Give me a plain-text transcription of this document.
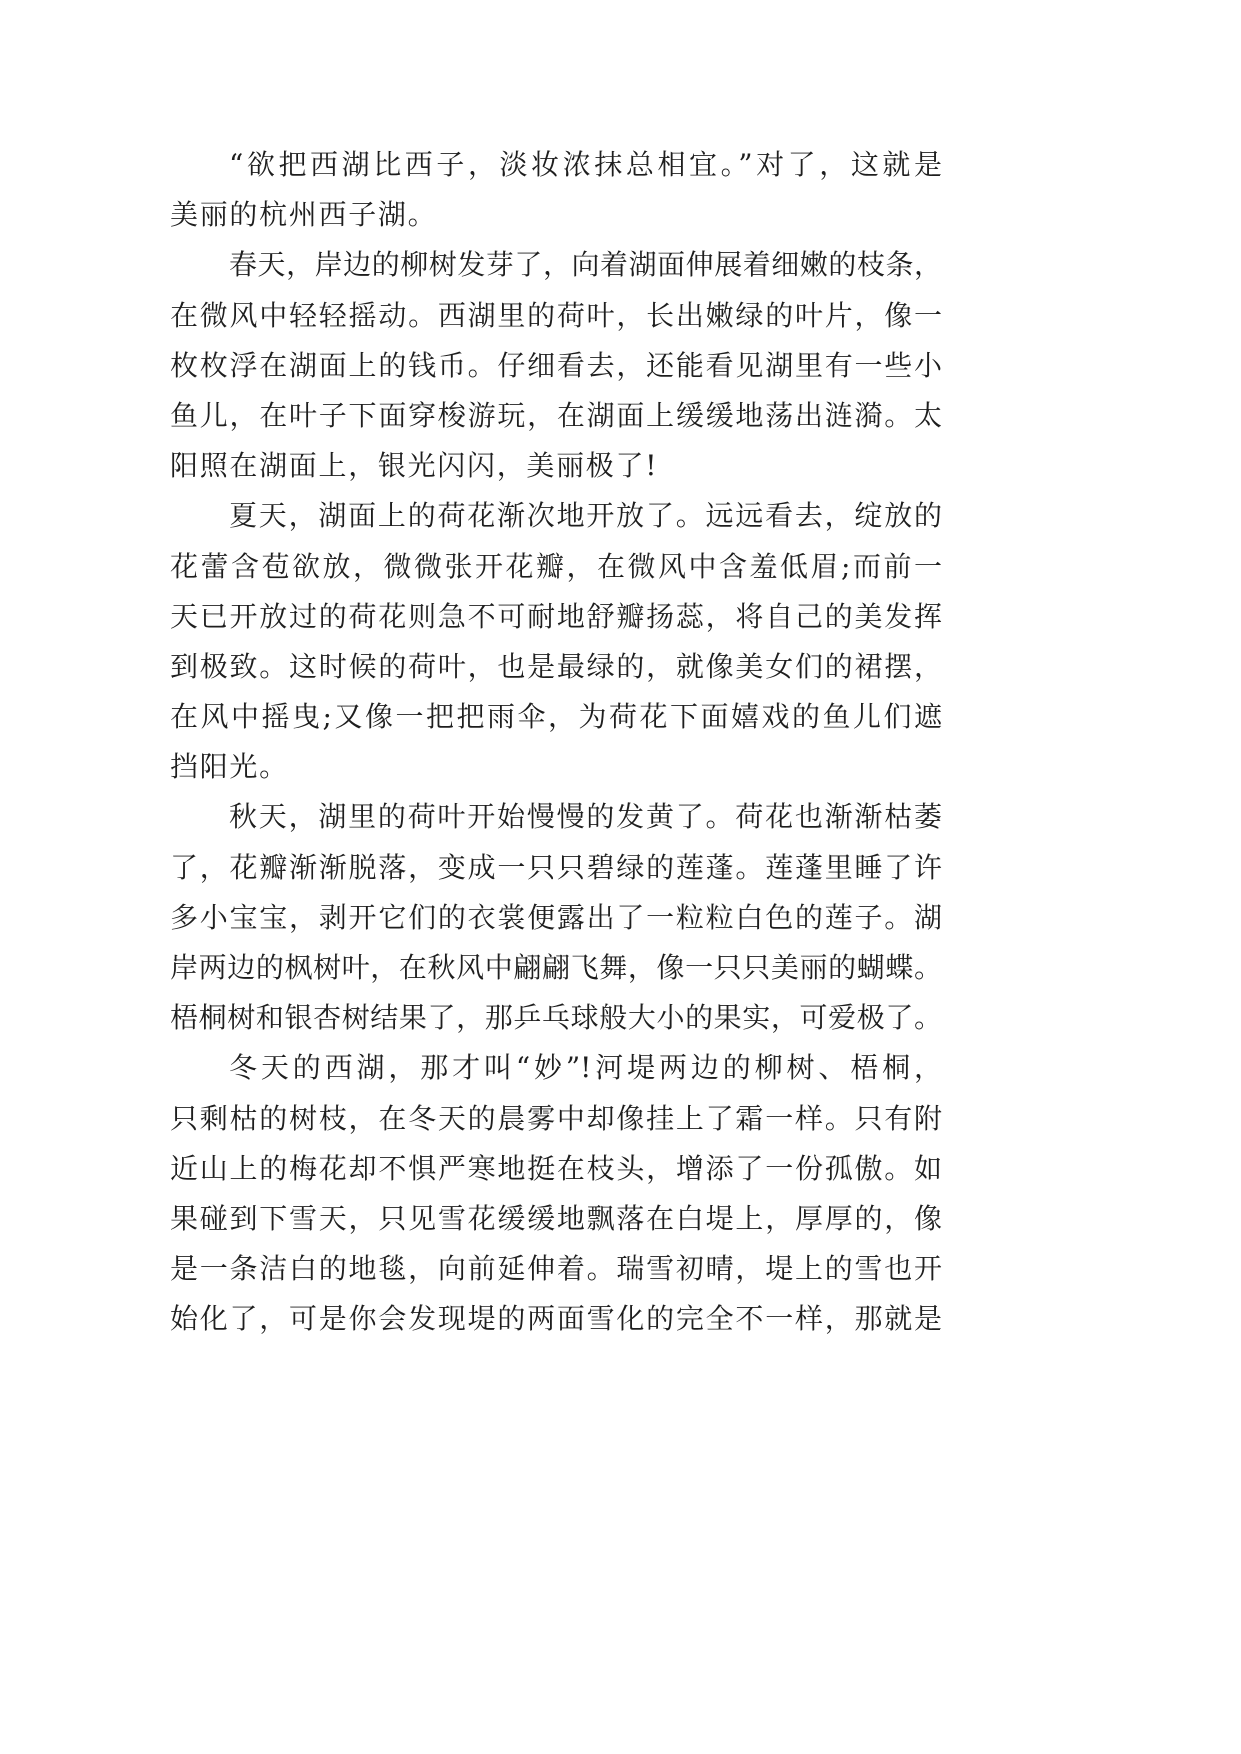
“欲把西湖比西子，淡妆浓抹总相宜。”对了，这就是
美丽的杭州西子湖。
春天，岸边的柳树发芽了，向着湖面伸展着细嫩的枝条，
在微风中轻轻摇动。西湖里的荷叶，长出嫩绿的叶片，像一
枚枚浮在湖面上的钱币。仔细看去，还能看见湖里有一些小
鱼儿，在叶子下面穿梭游玩，在湖面上缓缓地荡出涟漪。太
阳照在湖面上，银光闪闪，美丽极了!
夏天，湖面上的荷花渐次地开放了。远远看去，绽放的
花蕾含苞欲放，微微张开花瓣，在微风中含羞低眉;而前一
天已开放过的荷花则急不可耐地舒瓣扬蕊，将自己的美发挥
到极致。这时候的荷叶，也是最绿的，就像美女们的裙摆，
在风中摇曳;又像一把把雨伞，为荷花下面嬉戏的鱼儿们遮
挡阳光。
秋天，湖里的荷叶开始慢慢的发黄了。荷花也渐渐枯萎
了，花瓣渐渐脱落，变成一只只碧绿的莲蓬。莲蓬里睡了许
多小宝宝，剥开它们的衣裳便露出了一粒粒白色的莲子。湖
岸两边的枫树叶，在秋风中翩翩飞舞，像一只只美丽的蝴蝶。
梧桐树和银杏树结果了，那乒乓球般大小的果实，可爱极了。
冬天的西湖，那才叫“妙”!河堤两边的柳树、梧桐，
只剩枯的树枝，在冬天的晨雾中却像挂上了霜一样。只有附
近山上的梅花却不惧严寒地挺在枝头，增添了一份孤傲。如
果碰到下雪天，只见雪花缓缓地飘落在白堤上，厚厚的，像
是一条洁白的地毯，向前延伸着。瑞雪初晴，堤上的雪也开
始化了，可是你会发现堤的两面雪化的完全不一样，那就是
